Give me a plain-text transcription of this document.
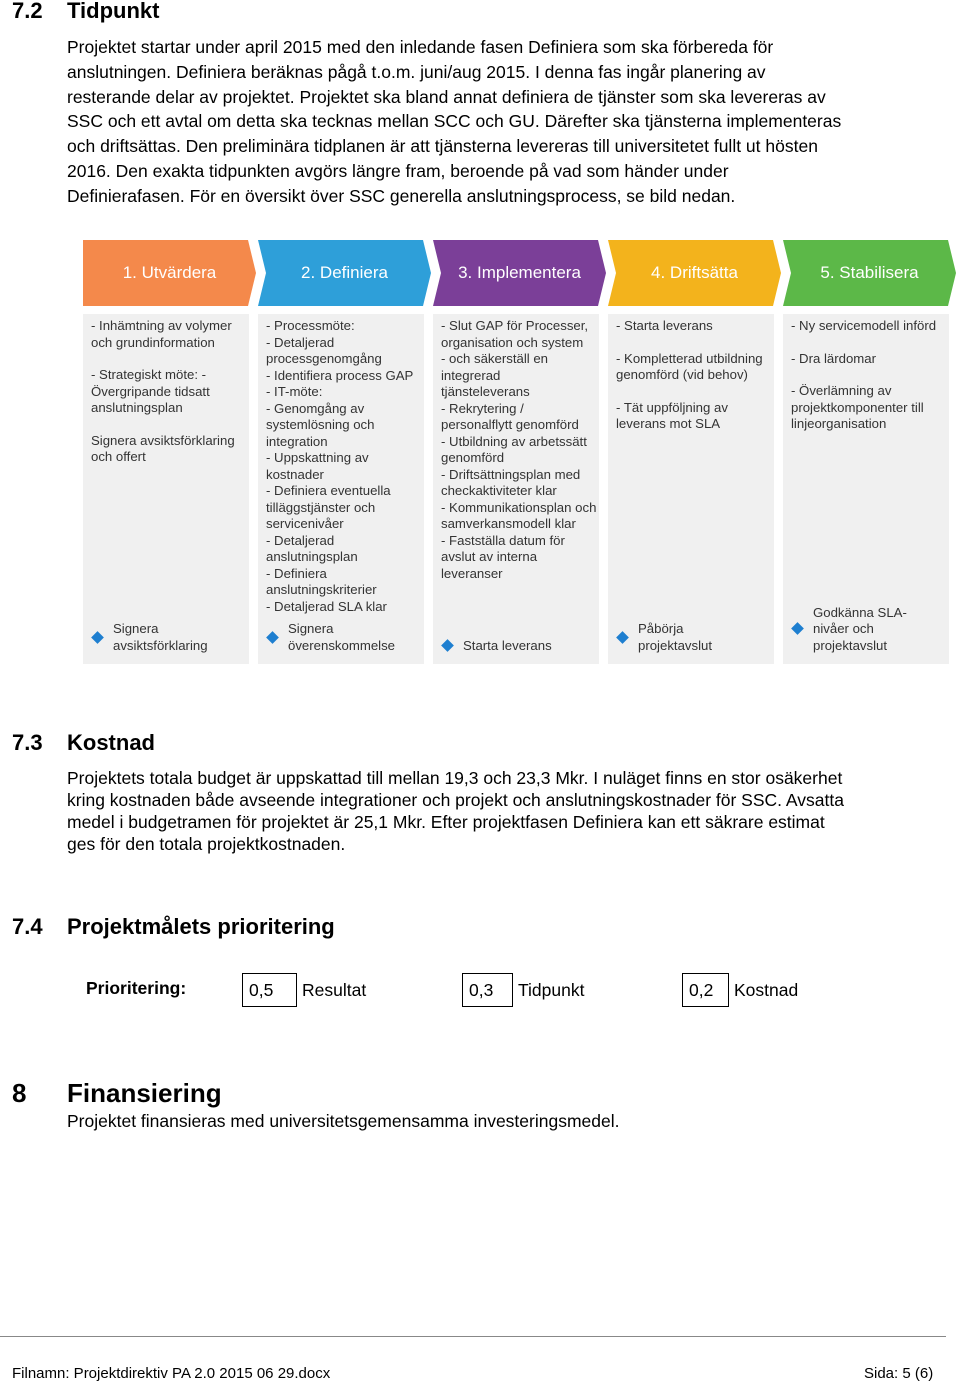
7.2 Tidpunkt
Projektet startar under april 2015 med den inledande fasen Definiera som ska förbereda för
anslutningen. Definiera beräknas pågå t.o.m. juni/aug 2015. I denna fas ingår planering av
resterande delar av projektet. Projektet ska bland annat definiera de tjänster som ska levereras av
SSC och ett avtal om detta ska tecknas mellan SCC och GU. Därefter ska tjänsterna implementeras
och driftsättas. Den preliminära tidplanen är att tjänsterna levereras till universitetet fullt ut hösten
2016. Den exakta tidpunkten avgörs längre fram, beroende på vad som händer under
Definierafasen. För en översikt över SSC generella anslutningsprocess, se bild nedan.
1. Utvärdera
- Inhämtning av volymer
och grundinformation
- Strategiskt möte: -
Övergripande tidsatt
anslutningsplan
Signera avsiktsförklaring
och offert
Signera
avsiktsförklaring
2. Definiera
- Processmöte:
- Detaljerad
processgenomgång
- Identifiera process GAP
- IT-möte:
- Genomgång av
systemlösning och
integration
- Uppskattning av
kostnader
- Definiera eventuella
tilläggstjänster och
servicenivåer
- Detaljerad
anslutningsplan
- Definiera
anslutningskriterier
- Detaljerad SLA klar
Signera
överenskommelse
3. Implementera
- Slut GAP för Processer,
organisation och system
- och säkerställ en
integrerad
tjänsteleverans
- Rekrytering /
personalflytt genomförd
- Utbildning av arbetssätt
genomförd
- Driftsättningsplan med
checkaktiviteter klar
- Kommunikationsplan och
samverkansmodell klar
- Fastställa datum för
avslut av interna
leveranser
Starta leverans
4. Driftsätta
- Starta leverans
- Kompletterad utbildning
genomförd (vid behov)
- Tät uppföljning av
leverans mot SLA
Påbörja
projektavslut
5. Stabilisera
- Ny servicemodell införd
- Dra lärdomar
- Överlämning av
projektkomponenter till
linjeorganisation
Godkänna SLA-
nivåer och
projektavslut
7.3 Kostnad
Projektets totala budget är uppskattad till mellan 19,3 och 23,3 Mkr. I nuläget finns en stor osäkerhet
kring kostnaden både avseende integrationer och projekt och anslutningskostnader för SSC. Avsatta
medel i budgetramen för projektet är 25,1 Mkr. Efter projektfasen Definiera kan ett säkrare estimat
ges för den totala projektkostnaden.
7.4 Projektmålets prioritering
Prioritering:	0,5 Resultat	0,3 Tidpunkt	0,2 Kostnad
8 Finansiering
Projektet finansieras med universitetsgemensamma investeringsmedel.
Filnamn: Projektdirektiv PA 2.0 2015 06 29.docx	Sida: 5 (6)
